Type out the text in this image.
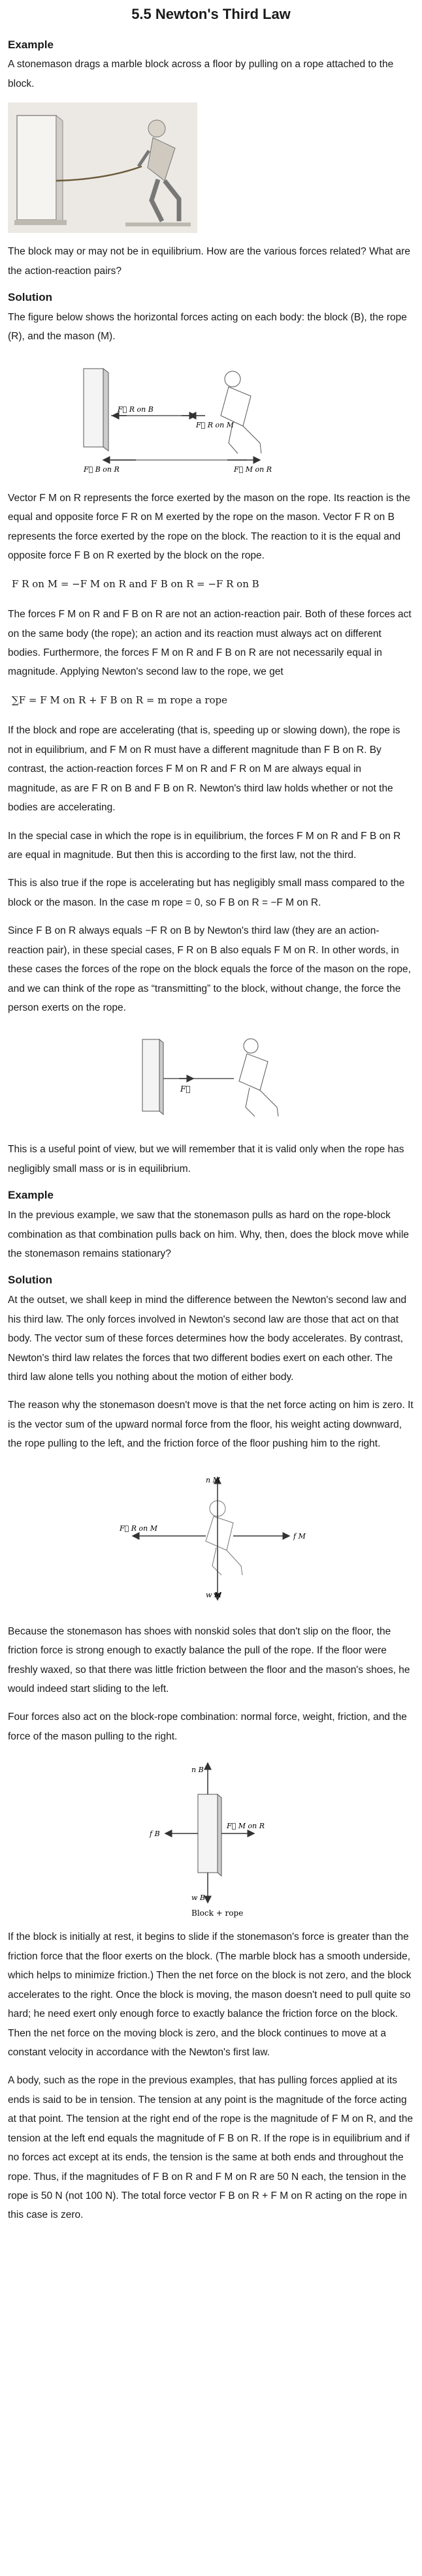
5.5 Newton's Third Law
Example

A stonemason drags a marble block across a floor by pulling on a rope attached to the block.

The block may or may not be in equilibrium. How are the various forces related? What are the action-reaction pairs?

Solution

The figure below shows the horizontal forces acting on each body: the block (B), the rope (R), and the mason (M).

F⃗ R on B
F⃗ B on R	F⃗ M on R
F⃗ R on M

Vector F M on R represents the force exerted by the mason on the rope. Its reaction is the equal and opposite force F R on M exerted by the rope on the mason. Vector F R on B represents the force exerted by the rope on the block. The reaction to it is the equal and opposite force F B on R exerted by the block on the rope.

F R on M = −F M on R and F B on R = −F R on B

The forces F M on R and F B on R are not an action-reaction pair. Both of these forces act on the same body (the rope); an action and its reaction must always act on different bodies. Furthermore, the forces F M on R and F B on R are not necessarily equal in magnitude. Applying Newton's second law to the rope, we get

∑F = F M on R + F B on R = m rope a rope

If the block and rope are accelerating (that is, speeding up or slowing down), the rope is not in equilibrium, and F M on R must have a different magnitude than F B on R. By contrast, the action-reaction forces F M on R and F R on M are always equal in magnitude, as are F R on B and F B on R. Newton's third law holds whether or not the bodies are accelerating.

In the special case in which the rope is in equilibrium, the forces F M on R and F B on R are equal in magnitude. But then this is according to the first law, not the third.

This is also true if the rope is accelerating but has negligibly small mass compared to the block or the mason. In the case m rope = 0, so F B on R = −F M on R.

Since F B on R always equals −F R on B by Newton's third law (they are an action-reaction pair), in these special cases, F R on B also equals F M on R. In other words, in these cases the forces of the rope on the block equals the force of the mason on the rope, and we can think of the rope as “transmitting” to the block, without change, the force the person exerts on the rope.

F⃗

This is a useful point of view, but we will remember that it is valid only when the rope has negligibly small mass or is in equilibrium.

Example

In the previous example, we saw that the stonemason pulls as hard on the rope-block combination as that combination pulls back on him. Why, then, does the block move while the stonemason remains stationary?

Solution

At the outset, we shall keep in mind the difference between the Newton's second law and his third law. The only forces involved in Newton's second law are those that act on that body. The vector sum of these forces determines how the body accelerates. By contrast, Newton's third law relates the forces that two different bodies exert on each other. The third law alone tells you nothing about the motion of either body.

The reason why the stonemason doesn't move is that the net force acting on him is zero. It is the vector sum of the upward normal force from the floor, his weight acting downward, the rope pulling to the left, and the friction force of the floor pushing him to the right.

n M
w M
F⃗ R on M
f M

Because the stonemason has shoes with nonskid soles that don't slip on the floor, the friction force is strong enough to exactly balance the pull of the rope. If the floor were freshly waxed, so that there was little friction between the floor and the mason's shoes, he would indeed start sliding to the left.

Four forces also act on the block-rope combination: normal force, weight, friction, and the force of the mason pulling to the right.

n B
w B
f B
F⃗ M on R
Block + rope

If the block is initially at rest, it begins to slide if the stonemason's force is greater than the friction force that the floor exerts on the block. (The marble block has a smooth underside, which helps to minimize friction.) Then the net force on the block is not zero, and the block accelerates to the right. Once the block is moving, the mason doesn't need to pull quite so hard; he need exert only enough force to exactly balance the friction force on the block. Then the net force on the moving block is zero, and the block continues to move at a constant velocity in accordance with the Newton's first law.

A body, such as the rope in the previous examples, that has pulling forces applied at its ends is said to be in tension. The tension at any point is the magnitude of the force acting at that point. The tension at the right end of the rope is the magnitude of F M on R, and the tension at the left end equals the magnitude of F B on R. If the rope is in equilibrium and if no forces act except at its ends, the tension is the same at both ends and throughout the rope. Thus, if the magnitudes of F B on R and F M on R are 50 N each, the tension in the rope is 50 N (not 100 N). The total force vector F B on R + F M on R acting on the rope in this case is zero.
